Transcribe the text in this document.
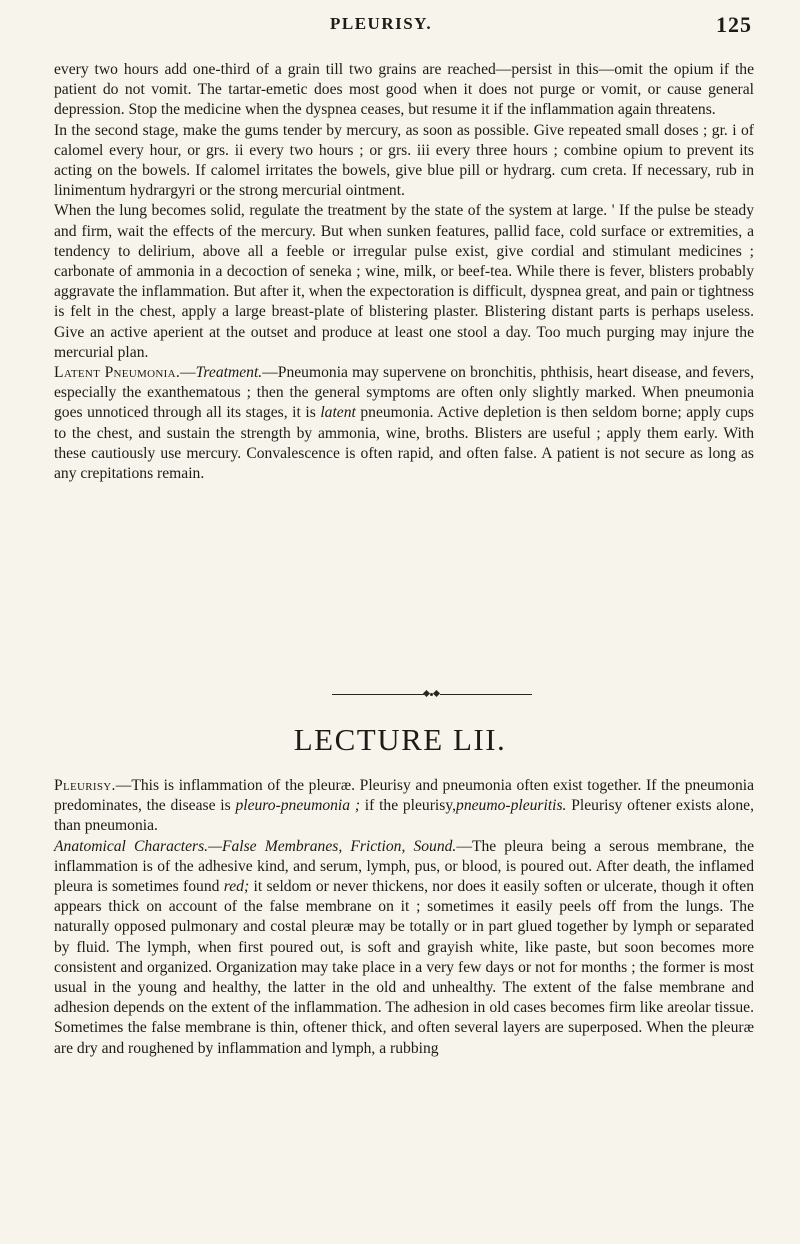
PLEURISY.	125

every two hours add one-third of a grain till two grains are reached—persist in this—omit the opium if the patient do not vomit. The tartar-emetic does most good when it does not purge or vomit, or cause general depression. Stop the medicine when the dyspnea ceases, but resume it if the inflammation again threatens.

In the second stage, make the gums tender by mercury, as soon as possible. Give repeated small doses ; gr. i of calomel every hour, or grs. ii every two hours ; or grs. iii every three hours ; combine opium to prevent its acting on the bowels. If calomel irritates the bowels, give blue pill or hydrarg. cum creta. If necessary, rub in linimentum hydrargyri or the strong mercurial ointment.

When the lung becomes solid, regulate the treatment by the state of the system at large. ' If the pulse be steady and firm, wait the effects of the mercury. But when sunken features, pallid face, cold surface or extremities, a tendency to delirium, above all a feeble or irregular pulse exist, give cordial and stimulant medicines ; carbonate of ammonia in a decoction of seneka ; wine, milk, or beef-tea. While there is fever, blisters probably aggravate the inflammation. But after it, when the expectoration is difficult, dyspnea great, and pain or tightness is felt in the chest, apply a large breast-plate of blistering plaster. Blistering distant parts is perhaps useless. Give an active aperient at the outset and produce at least one stool a day. Too much purging may injure the mercurial plan.

Latent Pneumonia.—Treatment.—Pneumonia may supervene on bronchitis, phthisis, heart disease, and fevers, especially the exanthematous ; then the general symptoms are often only slightly marked. When pneumonia goes unnoticed through all its stages, it is latent pneumonia. Active depletion is then seldom borne; apply cups to the chest, and sustain the strength by ammonia, wine, broths. Blisters are useful ; apply them early. With these cautiously use mercury. Convalescence is often rapid, and often false. A patient is not secure as long as any crepitations remain.

LECTURE LII.

Pleurisy.—This is inflammation of the pleuræ. Pleurisy and pneumonia often exist together. If the pneumonia predominates, the disease is pleuro-pneumonia ; if the pleurisy,pneumo-pleuritis. Pleurisy oftener exists alone, than pneumonia.

Anatomical Characters.—False Membranes, Friction, Sound.—The pleura being a serous membrane, the inflammation is of the adhesive kind, and serum, lymph, pus, or blood, is poured out. After death, the inflamed pleura is sometimes found red; it seldom or never thickens, nor does it easily soften or ulcerate, though it often appears thick on account of the false membrane on it ; sometimes it easily peels off from the lungs. The naturally opposed pulmonary and costal pleuræ may be totally or in part glued together by lymph or separated by fluid. The lymph, when first poured out, is soft and grayish white, like paste, but soon becomes more consistent and organized. Organization may take place in a very few days or not for months ; the former is most usual in the young and healthy, the latter in the old and unhealthy. The extent of the false membrane and adhesion depends on the extent of the inflammation. The adhesion in old cases becomes firm like areolar tissue. Sometimes the false membrane is thin, oftener thick, and often several layers are superposed. When the pleuræ are dry and roughened by inflammation and lymph, a rubbing
